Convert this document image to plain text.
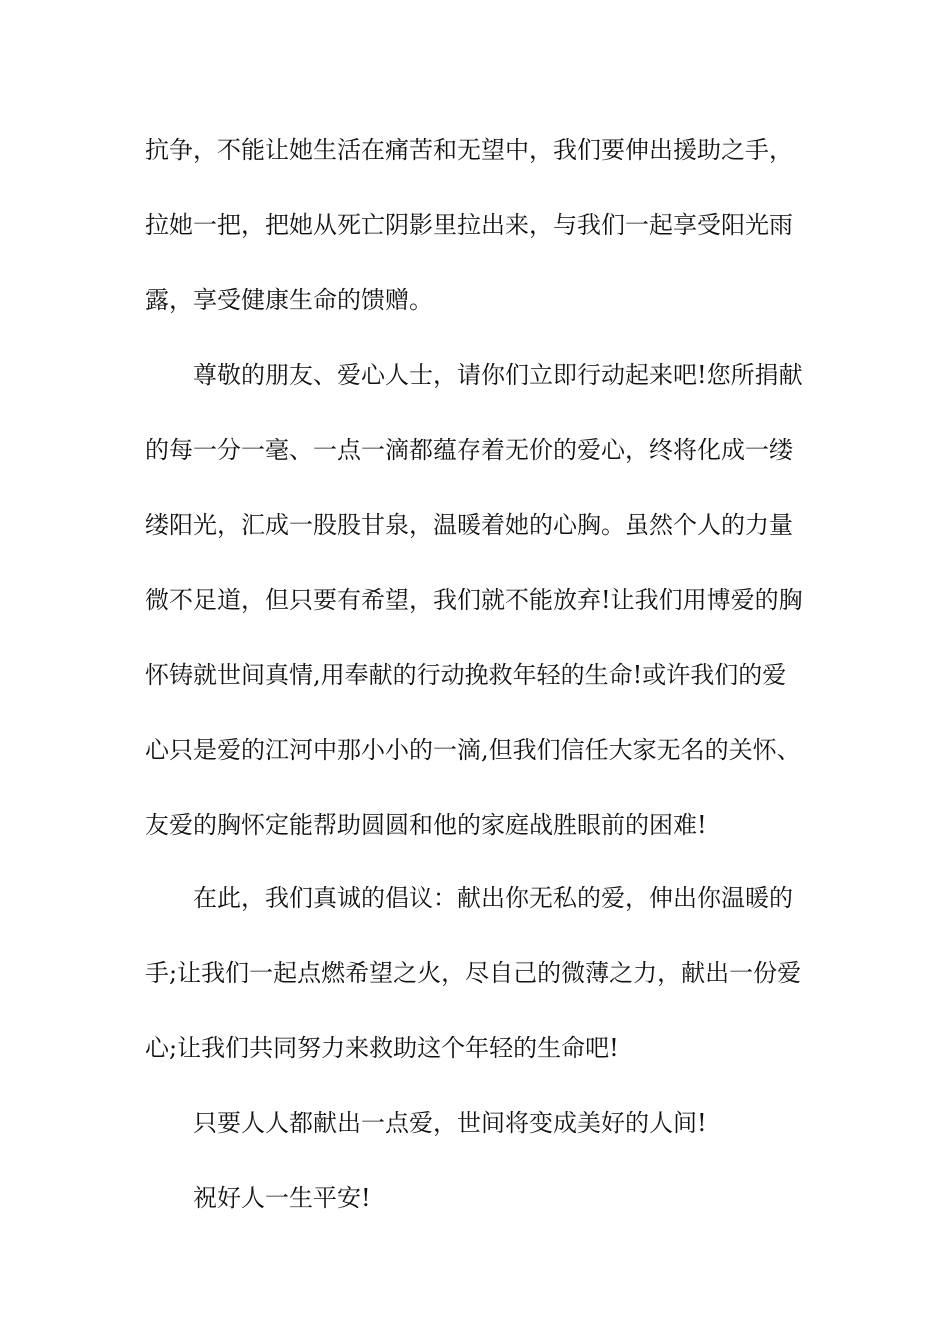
抗争，不能让她生活在痛苦和无望中，我们要伸出援助之手，
拉她一把，把她从死亡阴影里拉出来，与我们一起享受阳光雨
露，享受健康生命的馈赠。
尊敬的朋友、爱心人士，请你们立即行动起来吧!您所捐献
的每一分一毫、一点一滴都蕴存着无价的爱心，终将化成一缕
缕阳光，汇成一股股甘泉，温暖着她的心胸。虽然个人的力量
微不足道，但只要有希望，我们就不能放弃!让我们用博爱的胸
怀铸就世间真情,用奉献的行动挽救年轻的生命!或许我们的爱
心只是爱的江河中那小小的一滴,但我们信任大家无名的关怀、
友爱的胸怀定能帮助圆圆和他的家庭战胜眼前的困难!
在此，我们真诚的倡议：献出你无私的爱，伸出你温暖的
手;让我们一起点燃希望之火，尽自己的微薄之力，献出一份爱
心;让我们共同努力来救助这个年轻的生命吧!
只要人人都献出一点爱，世间将变成美好的人间!
祝好人一生平安!
